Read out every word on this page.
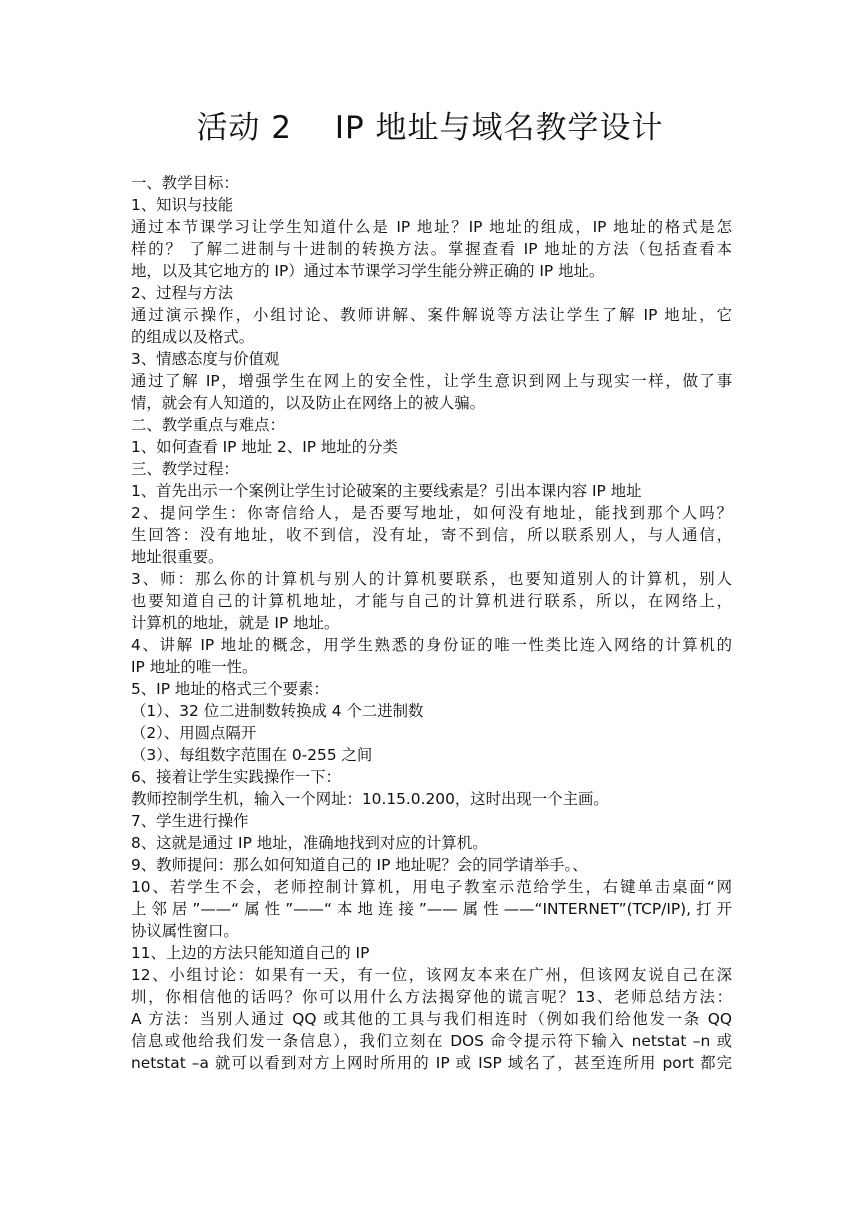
活动 2　 IP 地址与域名教学设计
一、教学目标：
1、知识与技能
通过本节课学习让学生知道什么是 IP 地址？IP 地址的组成，IP 地址的格式是怎
样的？ 了解二进制与十进制的转换方法。掌握查看 IP 地址的方法（包括查看本
地，以及其它地方的 IP）通过本节课学习学生能分辨正确的 IP 地址。
2、过程与方法
通过演示操作，小组讨论、教师讲解、案件解说等方法让学生了解 IP 地址，它
的组成以及格式。
3、情感态度与价值观
通过了解 IP，增强学生在网上的安全性，让学生意识到网上与现实一样，做了事
情，就会有人知道的，以及防止在网络上的被人骗。
二、教学重点与难点：
1、如何查看 IP 地址 2、IP 地址的分类
三、教学过程：
1、首先出示一个案例让学生讨论破案的主要线索是？引出本课内容 IP 地址
2、提问学生：你寄信给人，是否要写地址，如何没有地址，能找到那个人吗？
生回答：没有地址，收不到信，没有址，寄不到信，所以联系别人，与人通信，
地址很重要。
3、师：那么你的计算机与别人的计算机要联系，也要知道别人的计算机，别人
也要知道自己的计算机地址，才能与自己的计算机进行联系，所以，在网络上，
计算机的地址，就是 IP 地址。
4、讲解 IP 地址的概念，用学生熟悉的身份证的唯一性类比连入网络的计算机的
IP 地址的唯一性。
5、IP 地址的格式三个要素：
（1）、32 位二进制数转换成 4 个二进制数
（2）、用圆点隔开
（3）、每组数字范围在 0-255 之间
6、接着让学生实践操作一下：
教师控制学生机，输入一个网址：10.15.0.200，这时出现一个主画。
7、学生进行操作
8、这就是通过 IP 地址，准确地找到对应的计算机。
9、教师提问：那么如何知道自己的 IP 地址呢？会的同学请举手。、
10、若学生不会，老师控制计算机，用电子教室示范给学生，右键单击桌面“网
上邻居”——“属性”——“本地连接”——属性——“INTERNET”(TCP/IP),打开
协议属性窗口。
11、上边的方法只能知道自己的 IP
12、小组讨论：如果有一天，有一位，该网友本来在广州，但该网友说自己在深
圳，你相信他的话吗？你可以用什么方法揭穿他的谎言呢？13、老师总结方法：
A 方法：当别人通过 QQ 或其他的工具与我们相连时（例如我们给他发一条 QQ
信息或他给我们发一条信息），我们立刻在 DOS 命令提示符下输入 netstat –n 或
netstat –a 就可以看到对方上网时所用的 IP 或 ISP 域名了，甚至连所用 port 都完
